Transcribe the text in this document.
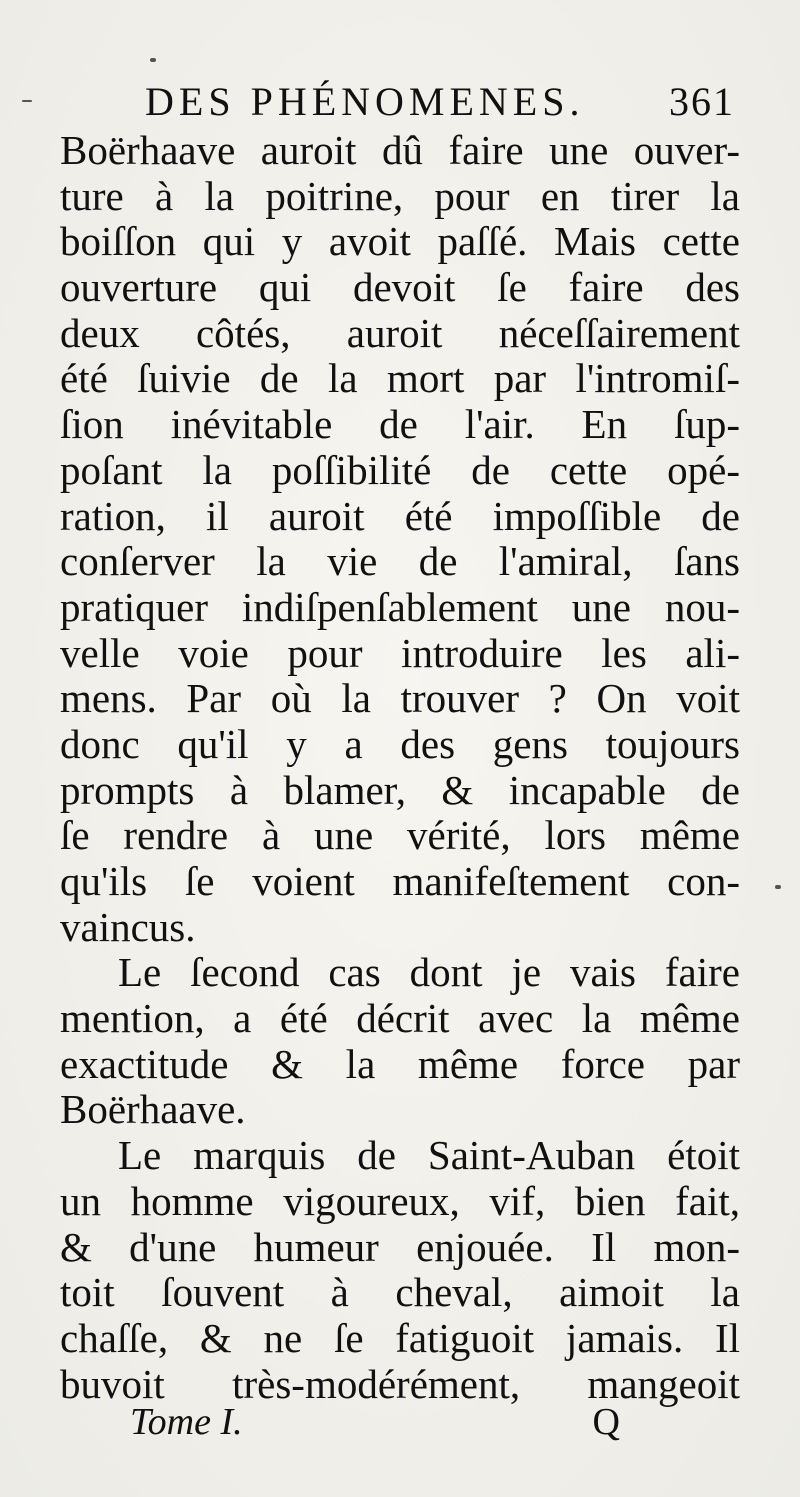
DES PHÉNOMENES. 361
Boërhaave auroit dû faire une ouver-
ture à la poitrine, pour en tirer la
boiſſon qui y avoit paſſé. Mais cette
ouverture qui devoit ſe faire des
deux côtés, auroit néceſſairement
été ſuivie de la mort par l'intromiſ-
ſion inévitable de l'air. En ſup-
poſant la poſſibilité de cette opé-
ration, il auroit été impoſſible de
conſerver la vie de l'amiral, ſans
pratiquer indiſpenſablement une nou-
velle voie pour introduire les ali-
mens. Par où la trouver ? On voit
donc qu'il y a des gens toujours
prompts à blamer, & incapable de
ſe rendre à une vérité, lors même
qu'ils ſe voient manifeſtement con-
vaincus.
Le ſecond cas dont je vais faire
mention, a été décrit avec la même
exactitude & la même force par
Boërhaave.
Le marquis de Saint-Auban étoit
un homme vigoureux, vif, bien fait,
& d'une humeur enjouée. Il mon-
toit ſouvent à cheval, aimoit la
chaſſe, & ne ſe fatiguoit jamais. Il
buvoit très-modérément, mangeoit
Tome I.	Q
